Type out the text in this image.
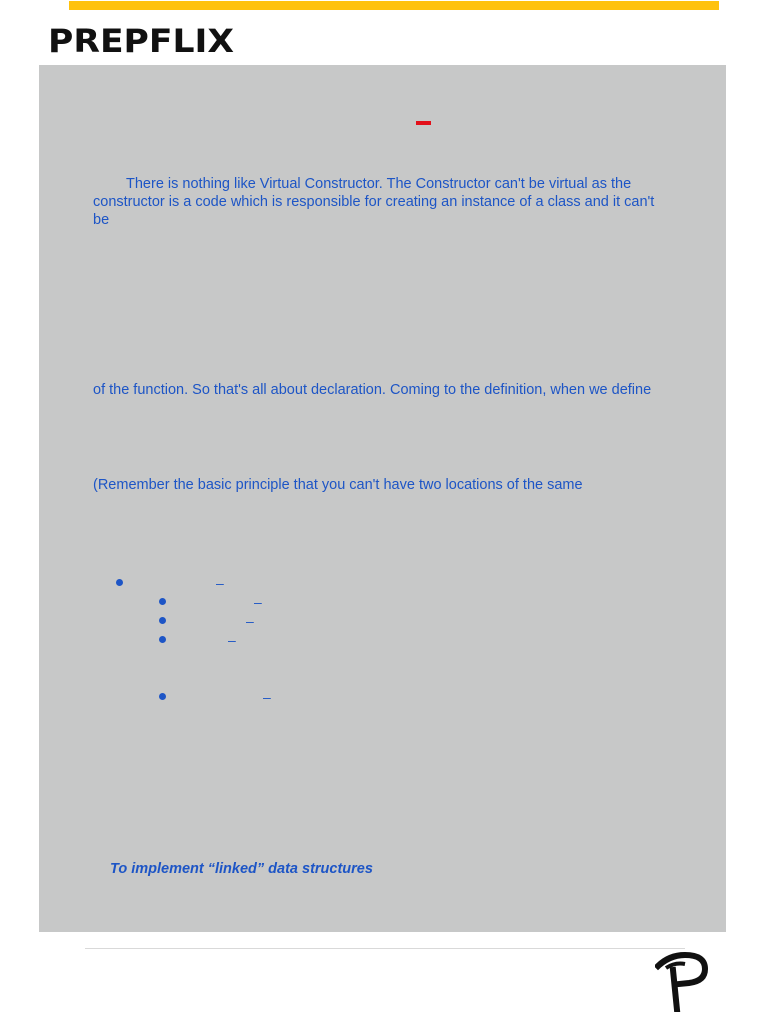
PREPFLIX
There is nothing like Virtual Constructor. The Constructor can't be virtual as the constructor is a code which is responsible for creating an instance of a class and it can't be
of the function. So that's all about declaration. Coming to the definition, when we define
(Remember the basic principle that you can't have two locations of the same
–
–
–
–
–
To implement “linked” data structures
